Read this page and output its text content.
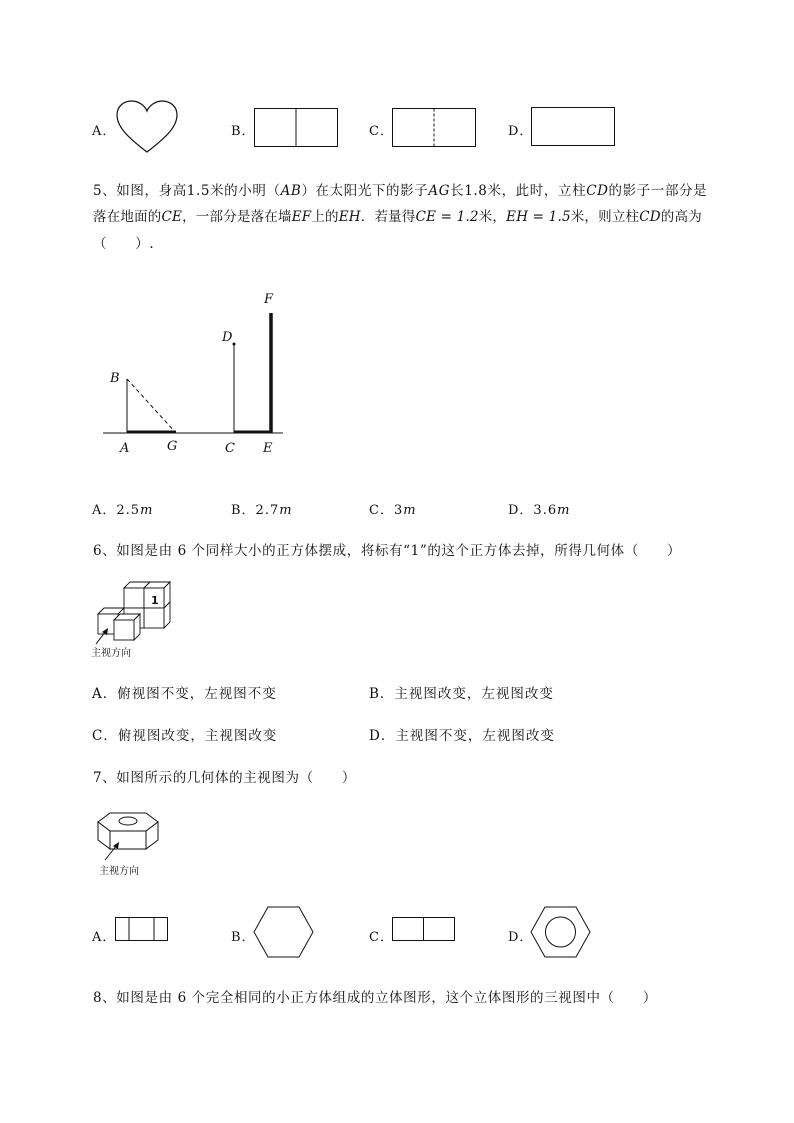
A．	B．	C．	D．
5、如图，身高1.5米的小明（AB）在太阳光下的影子AG长1.8米，此时，立柱CD的影子一部分是
落在地面的CE，一部分是落在墙EF上的EH．若量得CE = 1.2米，EH = 1.5米，则立柱CD的高为
（　　）.
F
D
B
A	G	C E
A．2.5m	B．2.7m	C．3m	D．3.6m
6、如图是由 6 个同样大小的正方体摆成，将标有“1”的这个正方体去掉，所得几何体（　　）
1
主视方向
A．俯视图不变，左视图不变	B．主视图改变，左视图改变
C．俯视图改变，主视图改变	D．主视图不变，左视图改变
7、如图所示的几何体的主视图为（　　）
主视方向
A．	B．	C．	D．
8、如图是由 6 个完全相同的小正方体组成的立体图形，这个立体图形的三视图中（　　）
